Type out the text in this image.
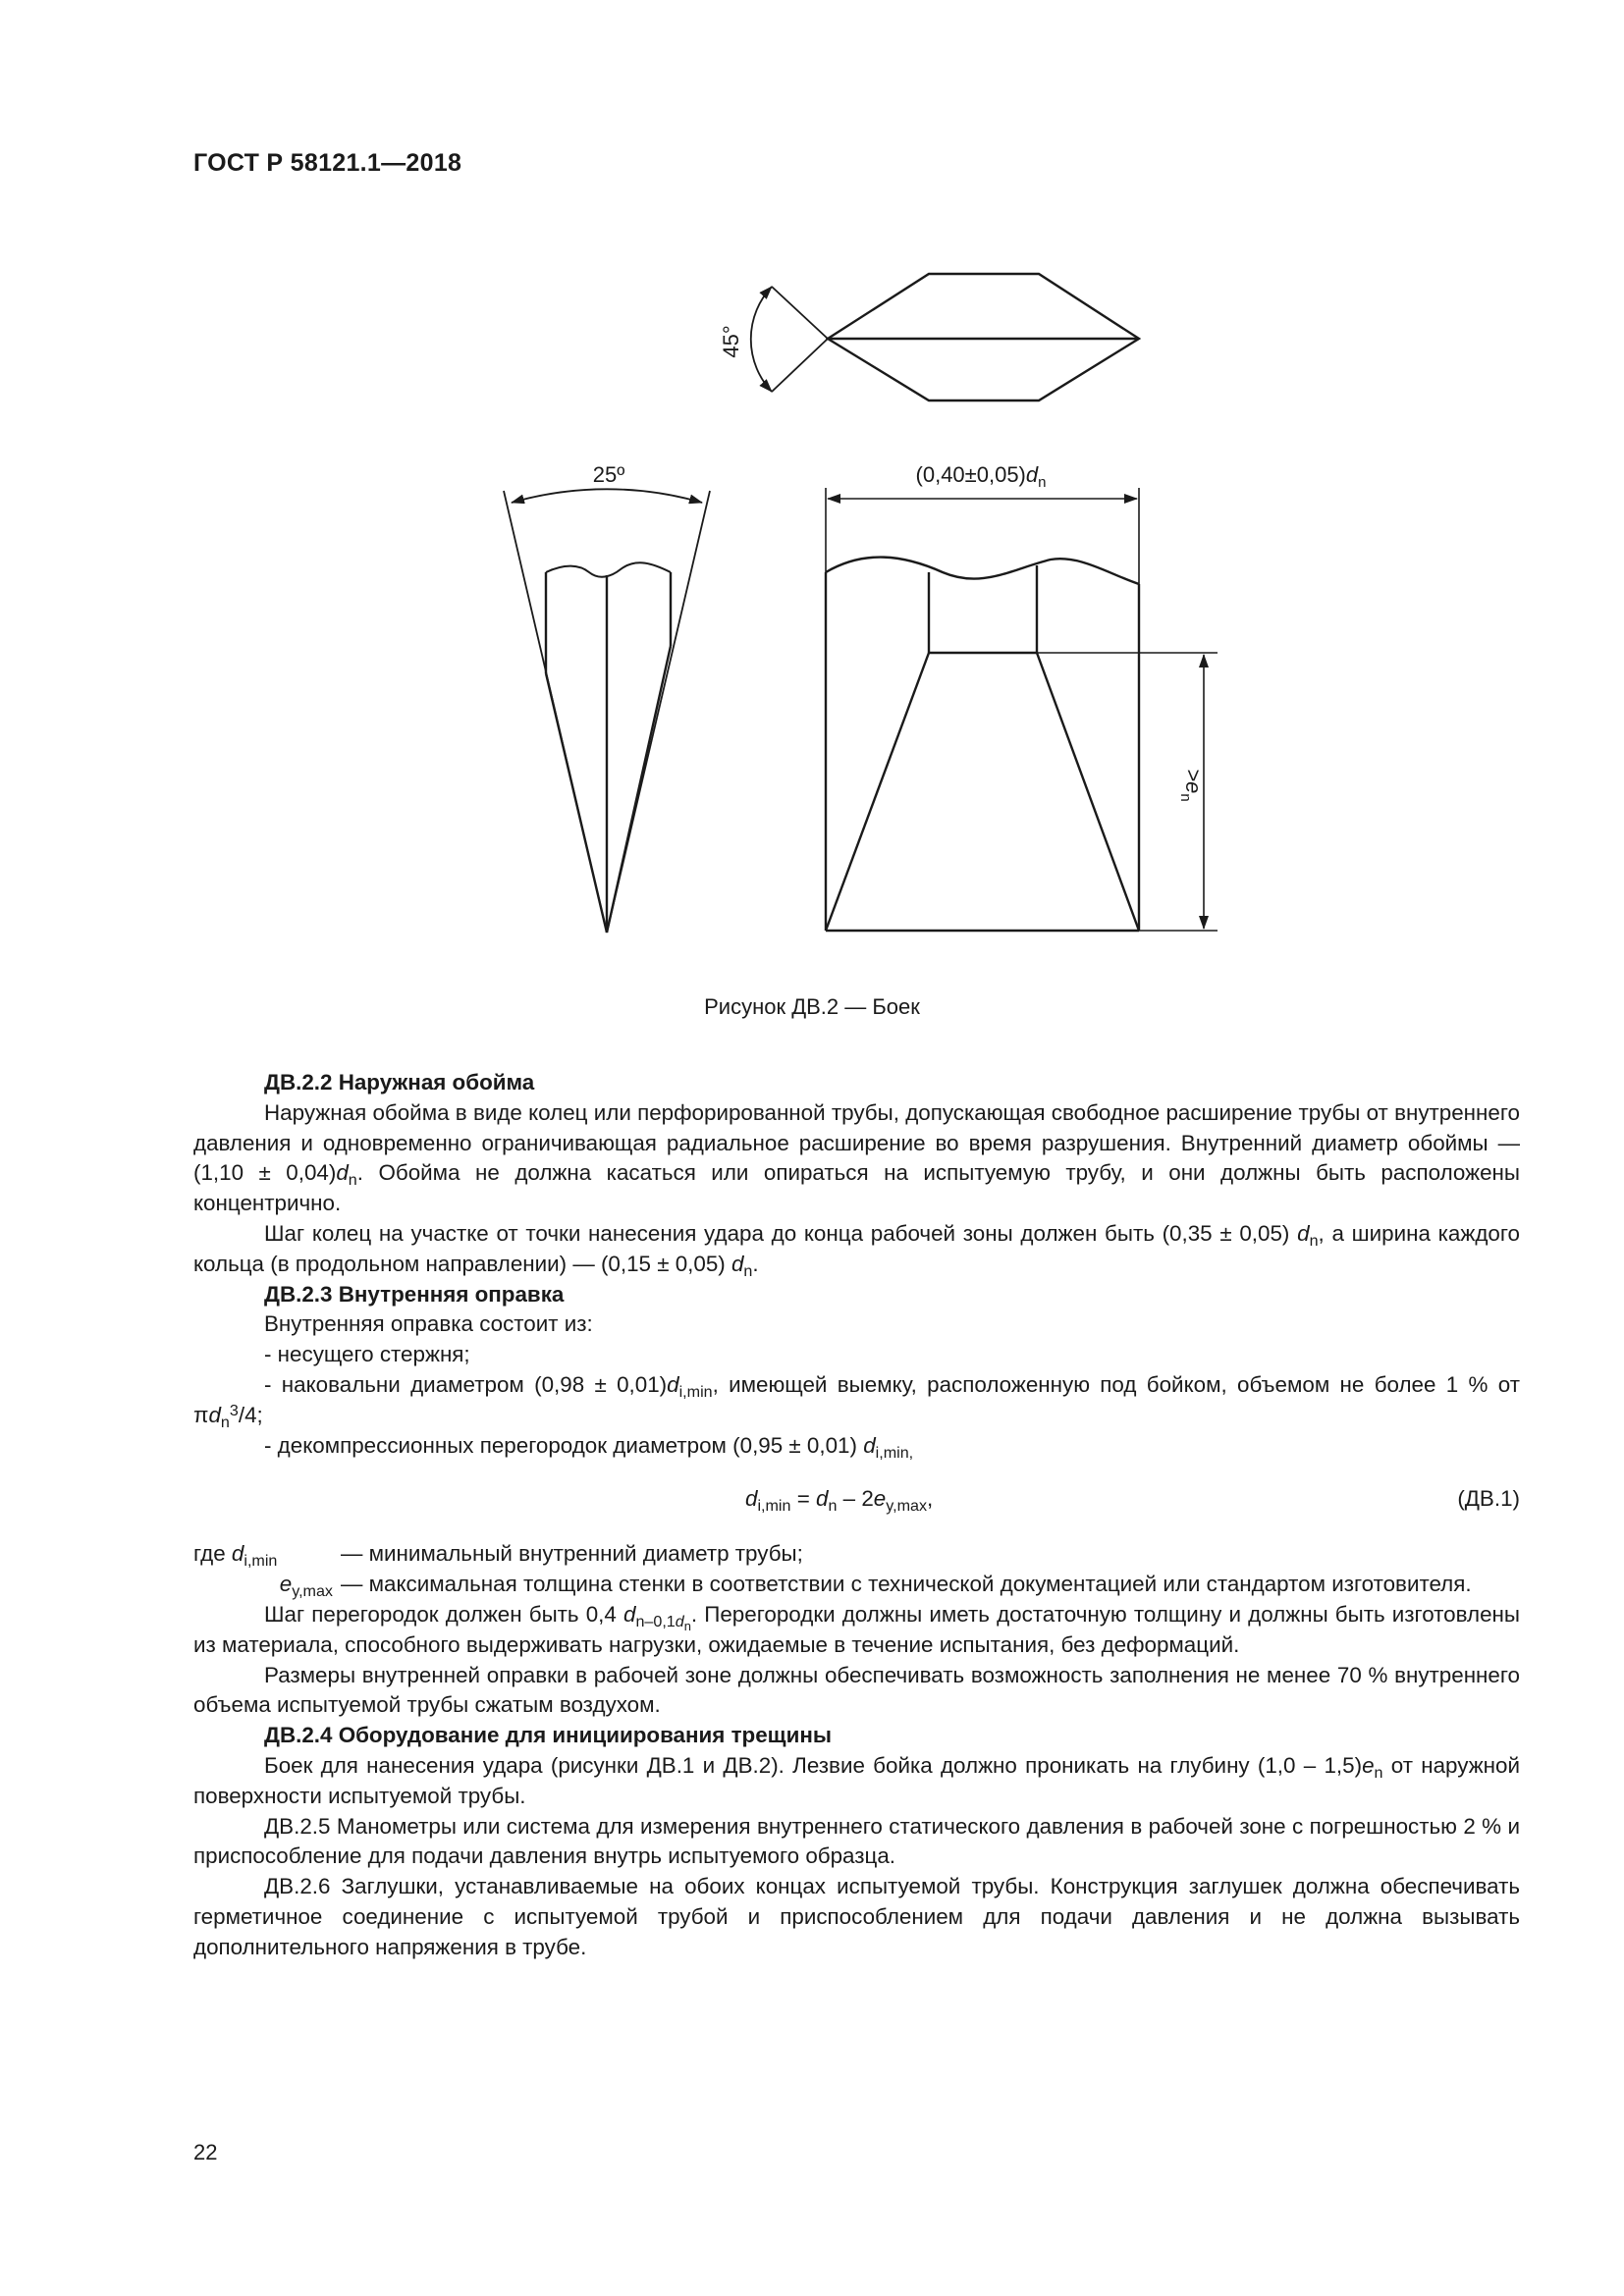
ГОСТ Р 58121.1—2018
45°
25º	$(0,40\pm 0,05)d_n$
$>e_n$
Рисунок ДВ.2 — Боек

ДВ.2.2 Наружная обойма

Наружная обойма в виде колец или перфорированной трубы, допускающая свободное расширение трубы от внутреннего давления и одновременно ограничивающая радиальное расширение во время разрушения. Внутренний диаметр обоймы — $(1,10 \pm 0,04)d_n$. Обойма не должна касаться или опираться на испытуемую трубу, и они должны быть расположены концентрично.

Шаг колец на участке от точки нанесения удара до конца рабочей зоны должен быть (0,35 ± 0,05) $d_n$, а ширина каждого кольца (в продольном направлении) — (0,15 ± 0,05) $d_n$.

ДВ.2.3 Внутренняя оправка

Внутренняя оправка состоит из:

- несущего стержня;

- наковальни диаметром $(0,98 \pm 0,01)d_{i,min}$, имеющей выемку, расположенную под бойком, объемом не более 1 % от $\pi d_n^3/4$;

- декомпрессионных перегородок диаметром (0,95 ± 0,01) $d_{i,min,}$

$d_{i,min} = d_n - 2e_{y,max}$,	(ДВ.1)
где $d_{i,min}$	— минимальный внутренний диаметр трубы;
$e_{y,max}$ — максимальная толщина стенки в соответствии с технической документацией или стандартом изготовителя.

Шаг перегородок должен быть 0,4 $d_{n-0,1d_n}$. Перегородки должны иметь достаточную толщину и должны быть изготовлены из материала, способного выдерживать нагрузки, ожидаемые в течение испытания, без деформаций.

Размеры внутренней оправки в рабочей зоне должны обеспечивать возможность заполнения не менее 70 % внутреннего объема испытуемой трубы сжатым воздухом.

ДВ.2.4 Оборудование для инициирования трещины

Боек для нанесения удара (рисунки ДВ.1 и ДВ.2). Лезвие бойка должно проникать на глубину $(1,0 - 1,5)e_n$ от наружной поверхности испытуемой трубы.

ДВ.2.5 Манометры или система для измерения внутреннего статического давления в рабочей зоне с погрешностью 2 % и приспособление для подачи давления внутрь испытуемого образца.

ДВ.2.6 Заглушки, устанавливаемые на обоих концах испытуемой трубы. Конструкция заглушек должна обеспечивать герметичное соединение с испытуемой трубой и приспособлением для подачи давления и не должна вызывать дополнительного напряжения в трубе.

22
